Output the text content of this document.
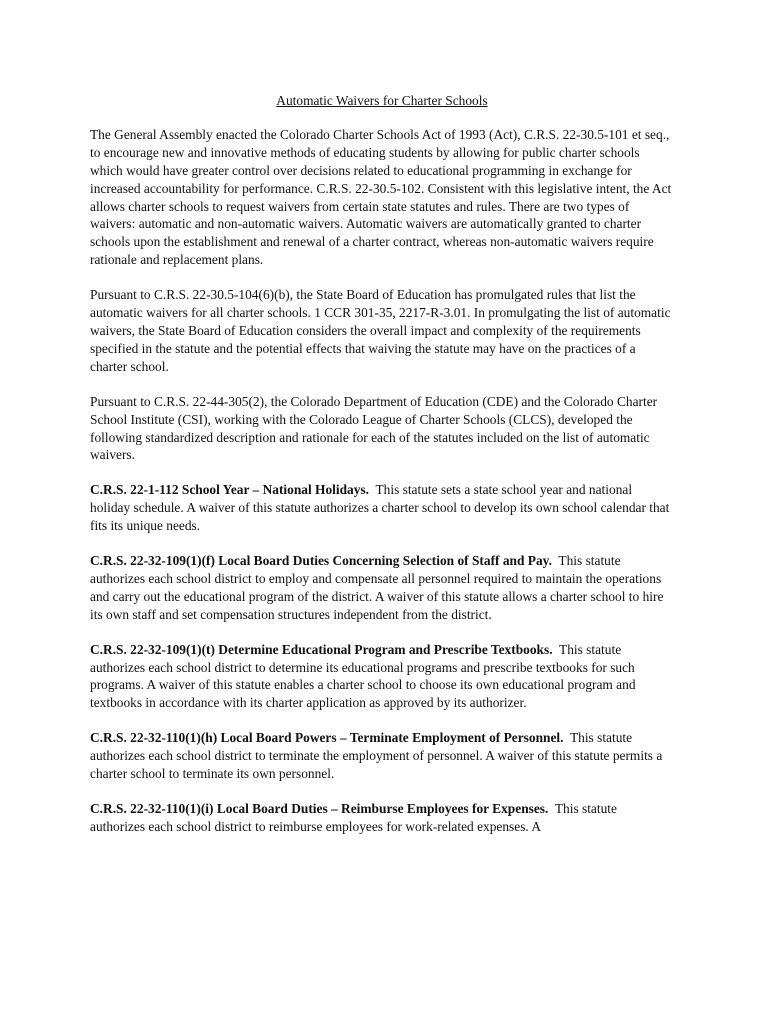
Automatic Waivers for Charter Schools

The General Assembly enacted the Colorado Charter Schools Act of 1993 (Act), C.R.S. 22-30.5-101 et seq., to encourage new and innovative methods of educating students by allowing for public charter schools which would have greater control over decisions related to educational programming in exchange for increased accountability for performance. C.R.S. 22-30.5-102. Consistent with this legislative intent, the Act allows charter schools to request waivers from certain state statutes and rules. There are two types of waivers: automatic and non-automatic waivers. Automatic waivers are automatically granted to charter schools upon the establishment and renewal of a charter contract, whereas non-automatic waivers require rationale and replacement plans.

Pursuant to C.R.S. 22-30.5-104(6)(b), the State Board of Education has promulgated rules that list the automatic waivers for all charter schools. 1 CCR 301-35, 2217-R-3.01. In promulgating the list of automatic waivers, the State Board of Education considers the overall impact and complexity of the requirements specified in the statute and the potential effects that waiving the statute may have on the practices of a charter school.

Pursuant to C.R.S. 22-44-305(2), the Colorado Department of Education (CDE) and the Colorado Charter School Institute (CSI), working with the Colorado League of Charter Schools (CLCS), developed the following standardized description and rationale for each of the statutes included on the list of automatic waivers.

C.R.S. 22-1-112 School Year – National Holidays. This statute sets a state school year and national holiday schedule. A waiver of this statute authorizes a charter school to develop its own school calendar that fits its unique needs.

C.R.S. 22-32-109(1)(f) Local Board Duties Concerning Selection of Staff and Pay. This statute authorizes each school district to employ and compensate all personnel required to maintain the operations and carry out the educational program of the district. A waiver of this statute allows a charter school to hire its own staff and set compensation structures independent from the district.

C.R.S. 22-32-109(1)(t) Determine Educational Program and Prescribe Textbooks. This statute authorizes each school district to determine its educational programs and prescribe textbooks for such programs. A waiver of this statute enables a charter school to choose its own educational program and textbooks in accordance with its charter application as approved by its authorizer.

C.R.S. 22-32-110(1)(h) Local Board Powers – Terminate Employment of Personnel. This statute authorizes each school district to terminate the employment of personnel. A waiver of this statute permits a charter school to terminate its own personnel.

C.R.S. 22-32-110(1)(i) Local Board Duties – Reimburse Employees for Expenses. This statute authorizes each school district to reimburse employees for work-related expenses. A
